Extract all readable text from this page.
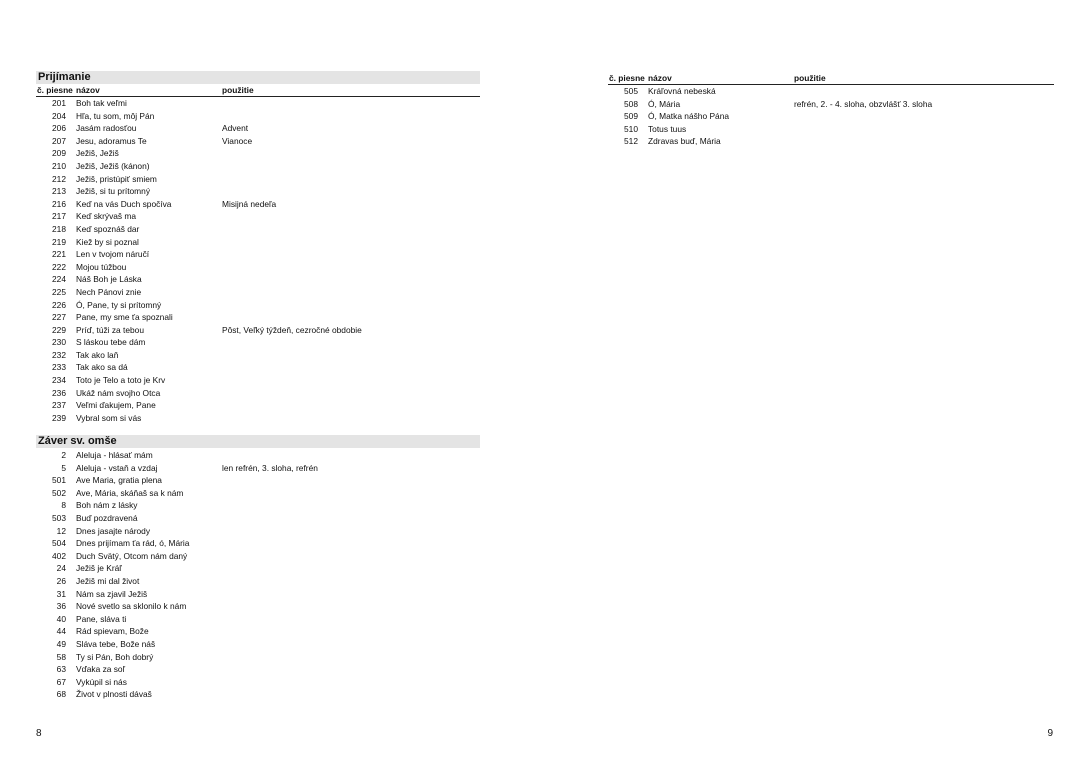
Prijímanie
č. piesne názov	použitie
201	Boh tak veľmi
204	Hľa, tu som, môj Pán
206	Jasám radosťou	Advent
207	Jesu, adoramus Te	Vianoce
209	Ježiš, Ježiš
210	Ježiš, Ježiš (kánon)
212	Ježiš, pristúpiť smiem
213	Ježiš, si tu prítomný
216	Keď na vás Duch spočíva	Misijná nedeľa
217	Keď skrývaš ma
218	Keď spoznáš dar
219	Kiež by si poznal
221	Len v tvojom náručí
222	Mojou túžbou
224	Náš Boh je Láska
225	Nech Pánovi znie
226	Ó, Pane, ty si prítomný
227	Pane, my sme ťa spoznali
229	Príď, túži za tebou	Pôst, Veľký týždeň, cezročné obdobie
230	S láskou tebe dám
232	Tak ako laň
233	Tak ako sa dá
234	Toto je Telo a toto je Krv
236	Ukáž nám svojho Otca
237	Veľmi ďakujem, Pane
239	Vybral som si vás
Záver sv. omše
2	Aleluja - hlásať mám
5	Aleluja - vstaň a vzdaj	len refrén, 3. sloha, refrén
501	Ave Maria, gratia plena
502	Ave, Mária, skáňaš sa k nám
8	Boh nám z lásky
503	Buď pozdravená
12	Dnes jasajte národy
504	Dnes prijímam ťa rád, ó, Mária
402	Duch Svätý, Otcom nám daný
24	Ježiš je Kráľ
26	Ježiš mi dal život
31	Nám sa zjavil Ježiš
36	Nové svetlo sa sklonilo k nám
40	Pane, sláva ti
44	Rád spievam, Bože
49	Sláva tebe, Bože náš
58	Ty si Pán, Boh dobrý
63	Vďaka za soľ
67	Vykúpil si nás
68	Život v plnosti dávaš
8
č. piesne názov	použitie
505	Kráľovná nebeská
508	Ó, Mária	refrén, 2. - 4. sloha, obzvlášť 3. sloha
509	Ó, Matka nášho Pána
510	Totus tuus
512	Zdravas buď, Mária
9
